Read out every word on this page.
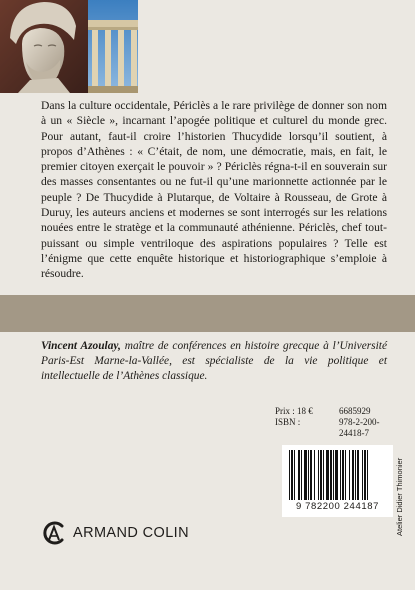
Dans la culture occidentale, Périclès a le rare privilège de donner son nom à un « Siècle », incarnant l’apogée politique et culturel du monde grec. Pour autant, faut-il croire l’historien Thucydide lorsqu’il soutient, à propos d’Athènes : « C’était, de nom, une démocratie, mais, en fait, le premier citoyen exerçait le pouvoir » ? Périclès régna-t-il en souverain sur des masses consentantes ou ne fut-il qu’une marionnette actionnée par le peuple ? De Thucydide à Plutarque, de Voltaire à Rousseau, de Grote à Duruy, les auteurs anciens et modernes se sont interrogés sur les relations nouées entre le stratège et la communauté athénienne. Périclès, chef tout-puissant ou simple ventriloque des aspirations populaires ? Telle est l’énigme que cette enquête historique et historiographique s’emploie à résoudre.

Vincent Azoulay, maître de conférences en histoire grecque à l’Université Paris-Est Marne-la-Vallée, est spécialiste de la vie politique et intellectuelle de l’Athènes classique.

Prix : 18 €	6685929
ISBN :	978-2-200-24418-7
9 782200 244187	Atelier Didier Thimonier
ARMAND COLIN
